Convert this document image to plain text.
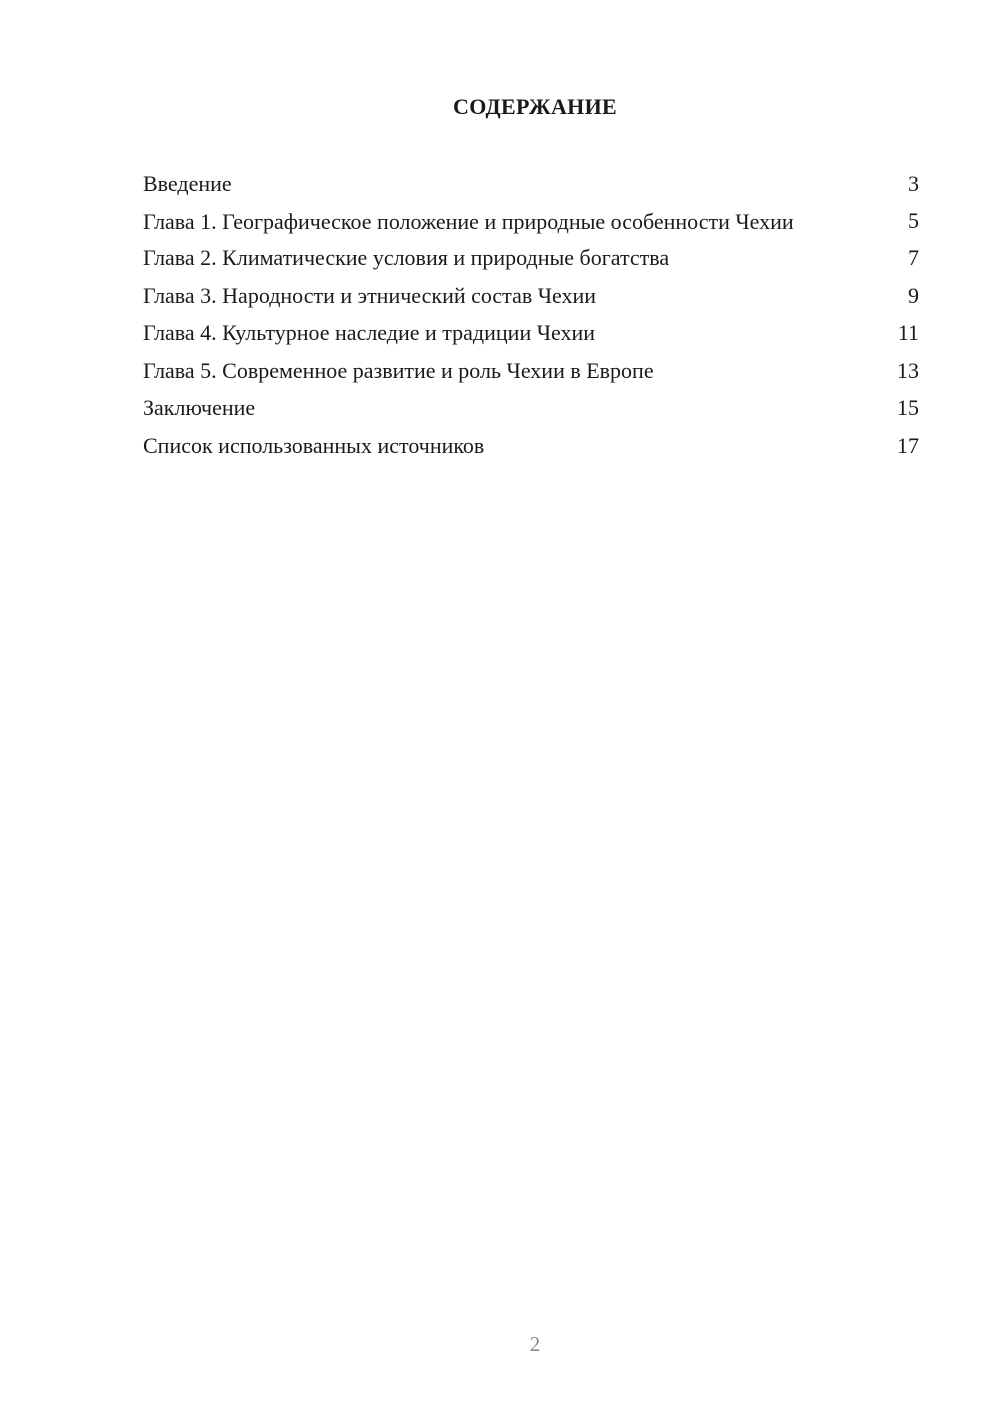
СОДЕРЖАНИЕ
Введение	3
Глава 1. Географическое положение и природные особенности Чехии	5
Глава 2. Климатические условия и природные богатства	7
Глава 3. Народности и этнический состав Чехии	9
Глава 4. Культурное наследие и традиции Чехии	11
Глава 5. Современное развитие и роль Чехии в Европе	13
Заключение	15
Список использованных источников	17
2
